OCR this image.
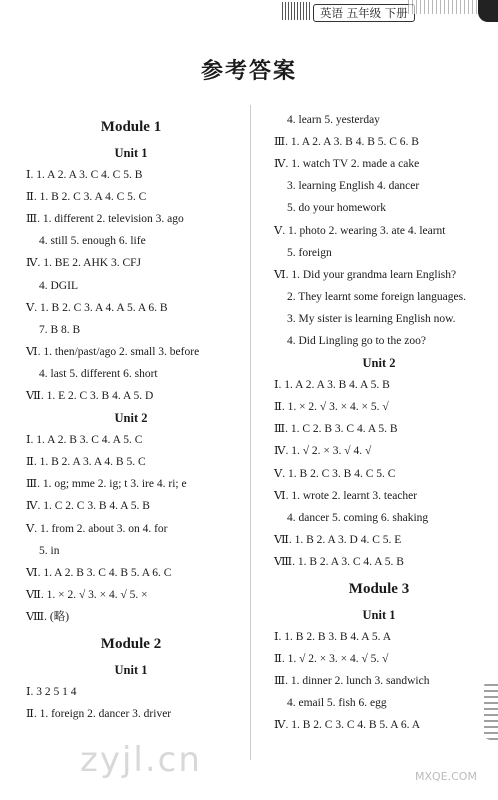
英语 五年级 下册
参考答案
Module 1
Unit 1
Ⅰ. 1. A 2. A 3. C 4. C 5. B
Ⅱ. 1. B 2. C 3. A 4. C 5. C
Ⅲ. 1. different 2. television 3. ago
4. still 5. enough 6. life
Ⅳ. 1. BE 2. AHK 3. CFJ
4. DGIL
Ⅴ. 1. B 2. C 3. A 4. A 5. A 6. B
7. B 8. B
Ⅵ. 1. then/past/ago 2. small 3. before
4. last 5. different 6. short
Ⅶ. 1. E 2. C 3. B 4. A 5. D
Unit 2
Ⅰ. 1. A 2. B 3. C 4. A 5. C
Ⅱ. 1. B 2. A 3. A 4. B 5. C
Ⅲ. 1. og; mme 2. ig; t 3. ire 4. ri; e
Ⅳ. 1. C 2. C 3. B 4. A 5. B
Ⅴ. 1. from 2. about 3. on 4. for
5. in
Ⅵ. 1. A 2. B 3. C 4. B 5. A 6. C
Ⅶ. 1. × 2. √ 3. × 4. √ 5. ×
Ⅷ. (略)
Module 2
Unit 1
Ⅰ. 3 2 5 1 4
Ⅱ. 1. foreign 2. dancer 3. driver
4. learn 5. yesterday
Ⅲ. 1. A 2. A 3. B 4. B 5. C 6. B
Ⅳ. 1. watch TV 2. made a cake
3. learning English 4. dancer
5. do your homework
Ⅴ. 1. photo 2. wearing 3. ate 4. learnt
5. foreign
Ⅵ. 1. Did your grandma learn English?
2. They learnt some foreign languages.
3. My sister is learning English now.
4. Did Lingling go to the zoo?
Unit 2
Ⅰ. 1. A 2. A 3. B 4. A 5. B
Ⅱ. 1. × 2. √ 3. × 4. × 5. √
Ⅲ. 1. C 2. B 3. C 4. A 5. B
Ⅳ. 1. √ 2. × 3. √ 4. √
Ⅴ. 1. B 2. C 3. B 4. C 5. C
Ⅵ. 1. wrote 2. learnt 3. teacher
4. dancer 5. coming 6. shaking
Ⅶ. 1. B 2. A 3. D 4. C 5. E
Ⅷ. 1. B 2. A 3. C 4. A 5. B
Module 3
Unit 1
Ⅰ. 1. B 2. B 3. B 4. A 5. A
Ⅱ. 1. √ 2. × 3. × 4. √ 5. √
Ⅲ. 1. dinner 2. lunch 3. sandwich
4. email 5. fish 6. egg
Ⅳ. 1. B 2. C 3. C 4. B 5. A 6. A
zyjl.cn	MXQE.COM
